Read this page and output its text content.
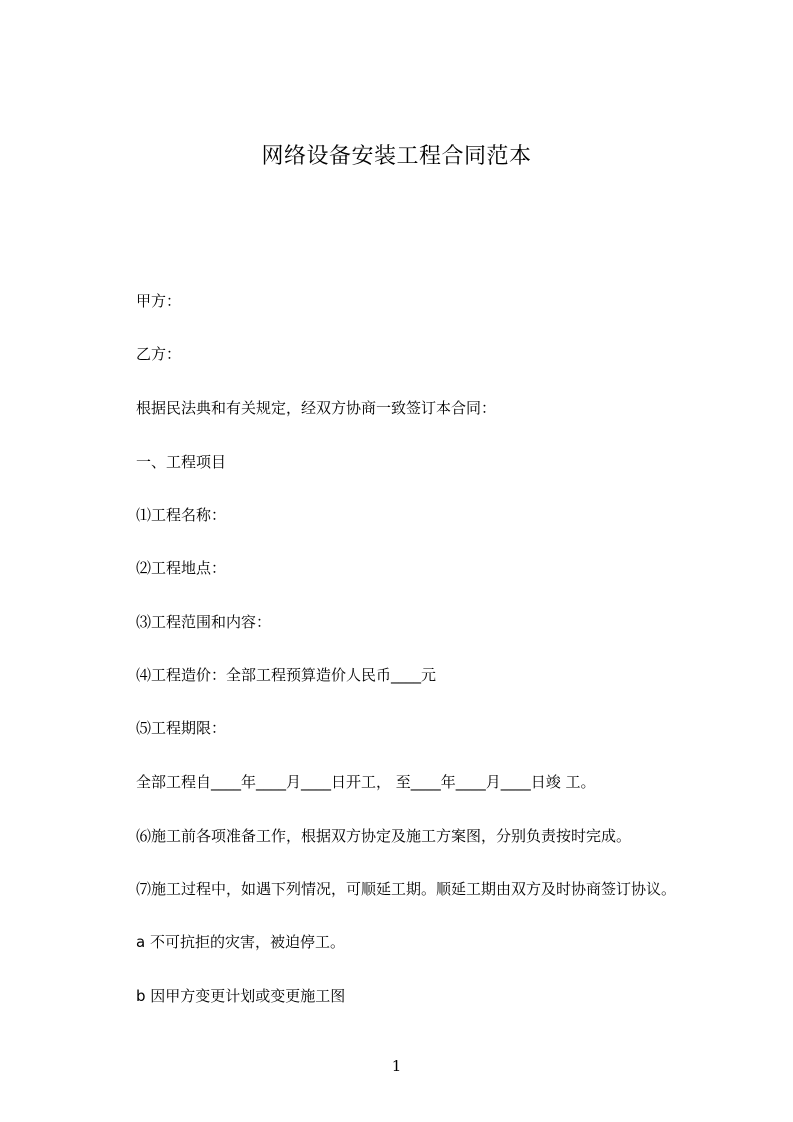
网络设备安装工程合同范本

甲方：

乙方：

根据民法典和有关规定，经双方协商一致签订本合同：

一、工程项目

⑴工程名称：

⑵工程地点：

⑶工程范围和内容：

⑷工程造价：全部工程预算造价人民币____元

⑸工程期限：

全部工程自____年____月____日开工， 至____年____月____日竣 工。

⑹施工前各项准备工作，根据双方协定及施工方案图，分别负责按时完成。

⑺施工过程中，如遇下列情况，可顺延工期。顺延工期由双方及时协商签订协议。

a 不可抗拒的灾害，被迫停工。

b 因甲方变更计划或变更施工图

1
